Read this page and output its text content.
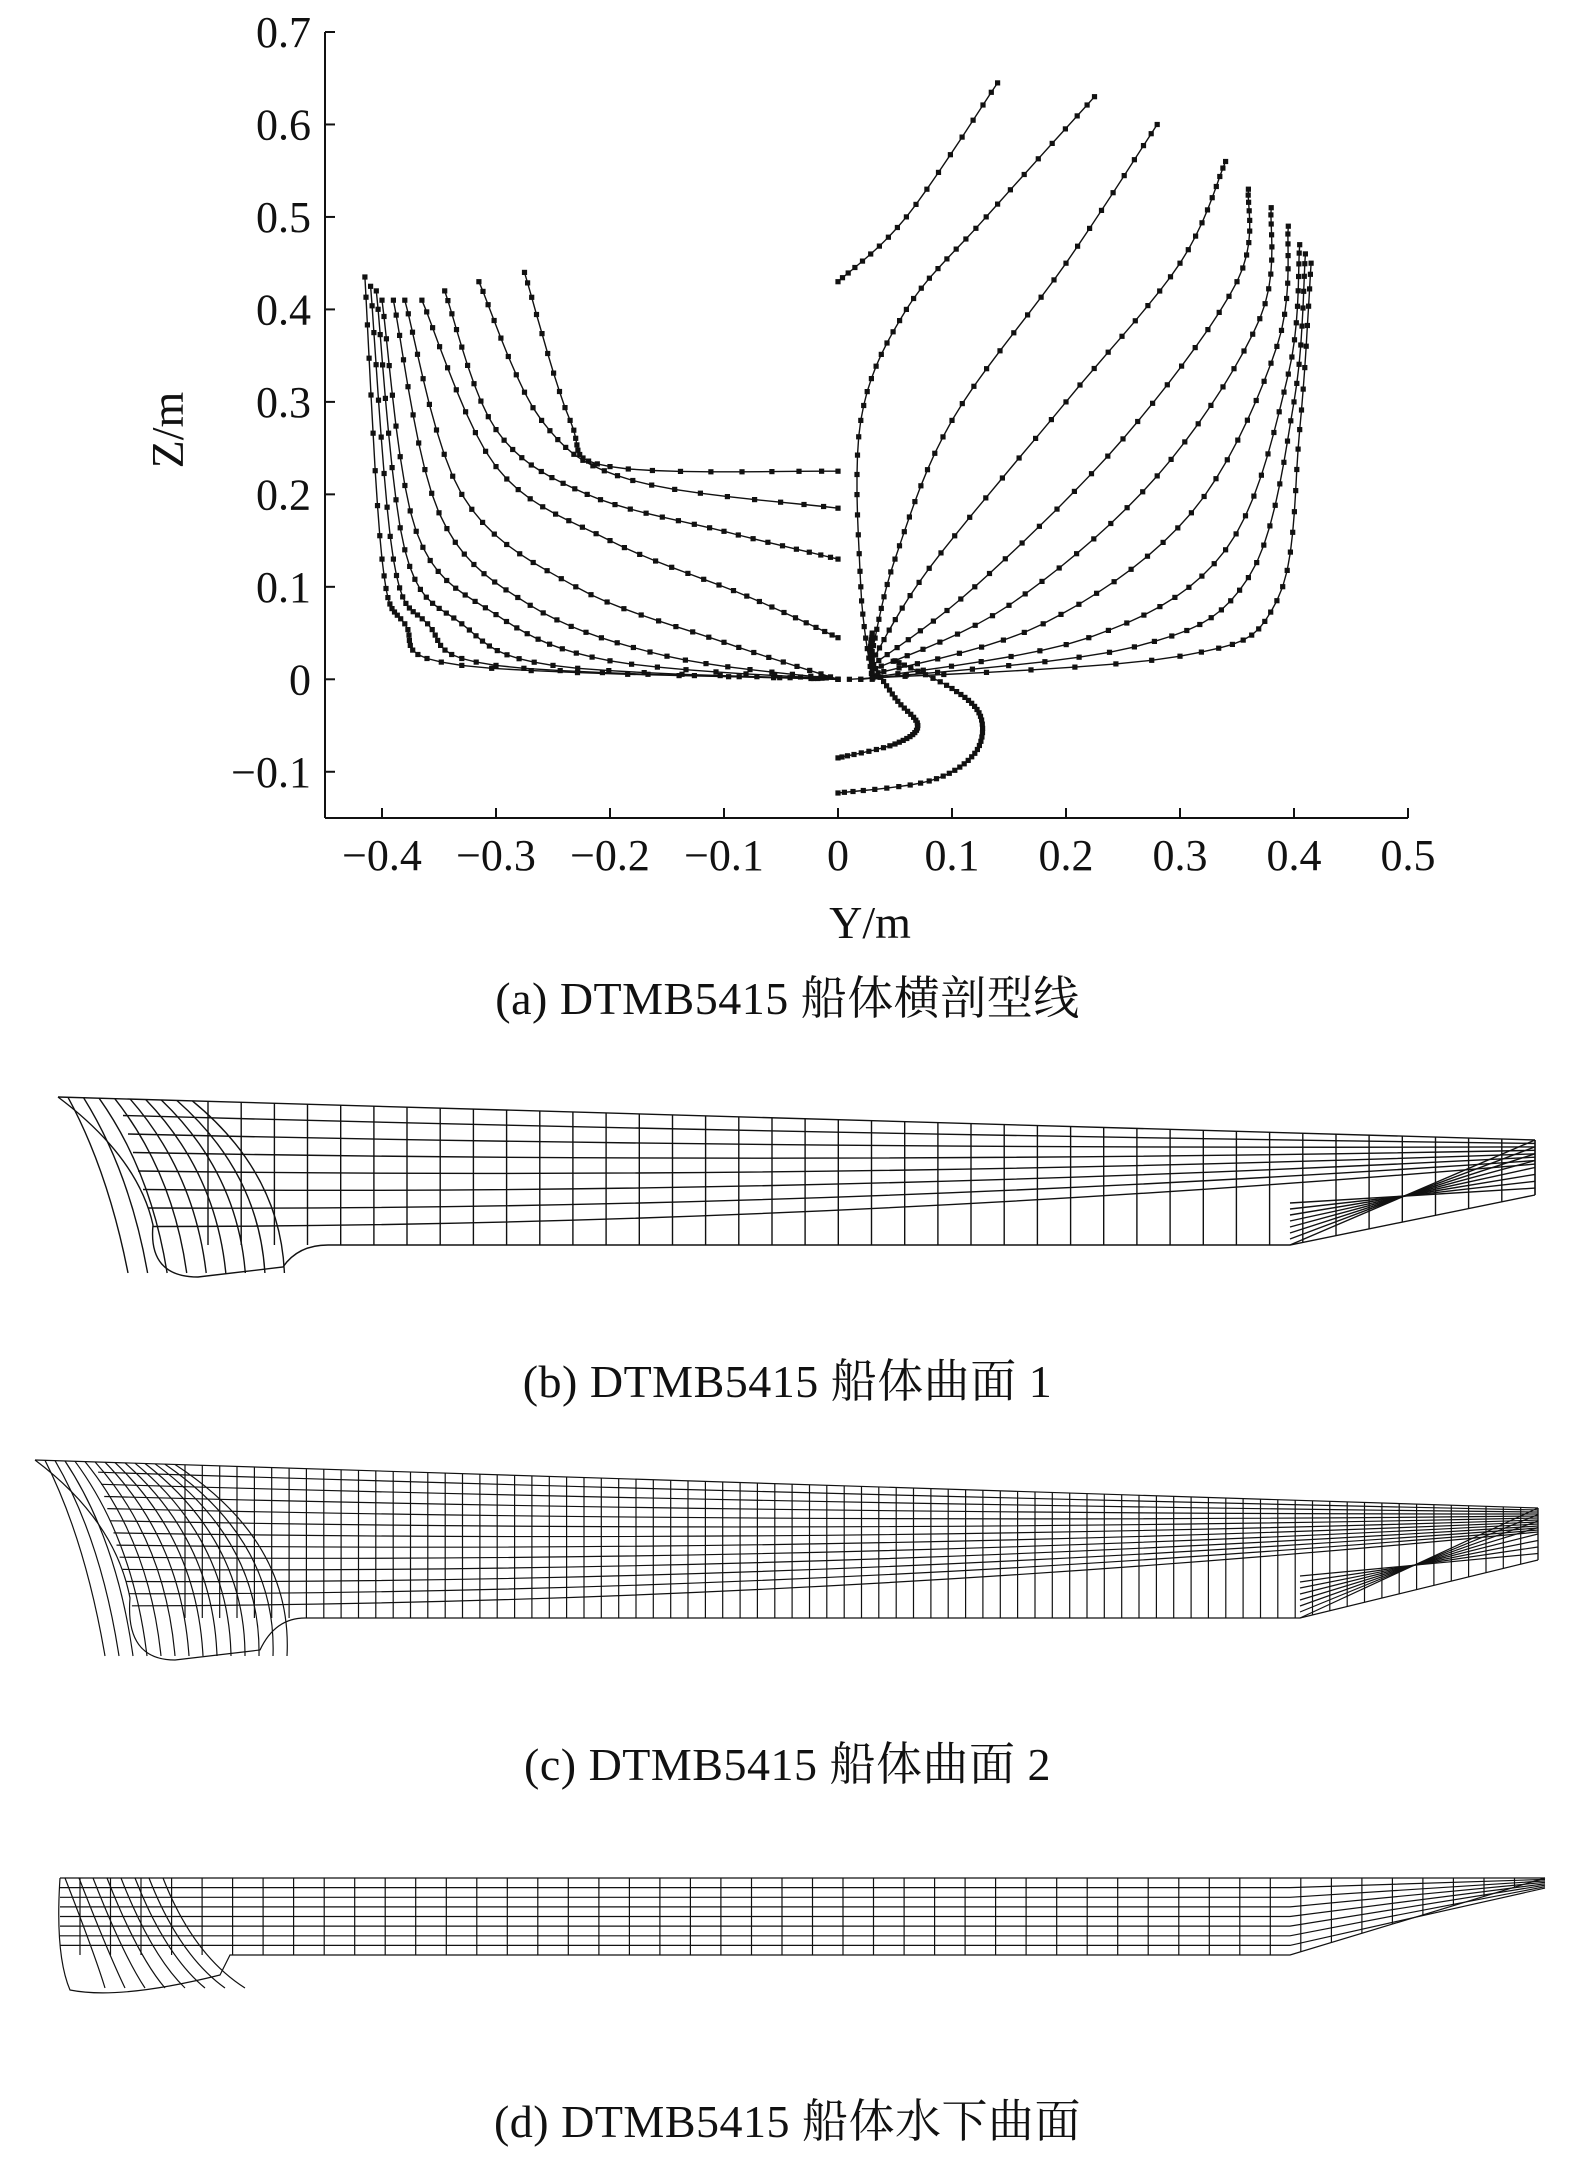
−0.4 −0.3 −0.2 −0.1 0 0.1 0.2 0.3 0.4 0.5
−0.1
0
0.1
0.2
0.3
0.4
0.5
0.6
0.7
Y/m
Z/m
(a) DTMB5415 船体横剖型线
(b) DTMB5415 船体曲面 1
(c) DTMB5415 船体曲面 2
(d) DTMB5415 船体水下曲面
